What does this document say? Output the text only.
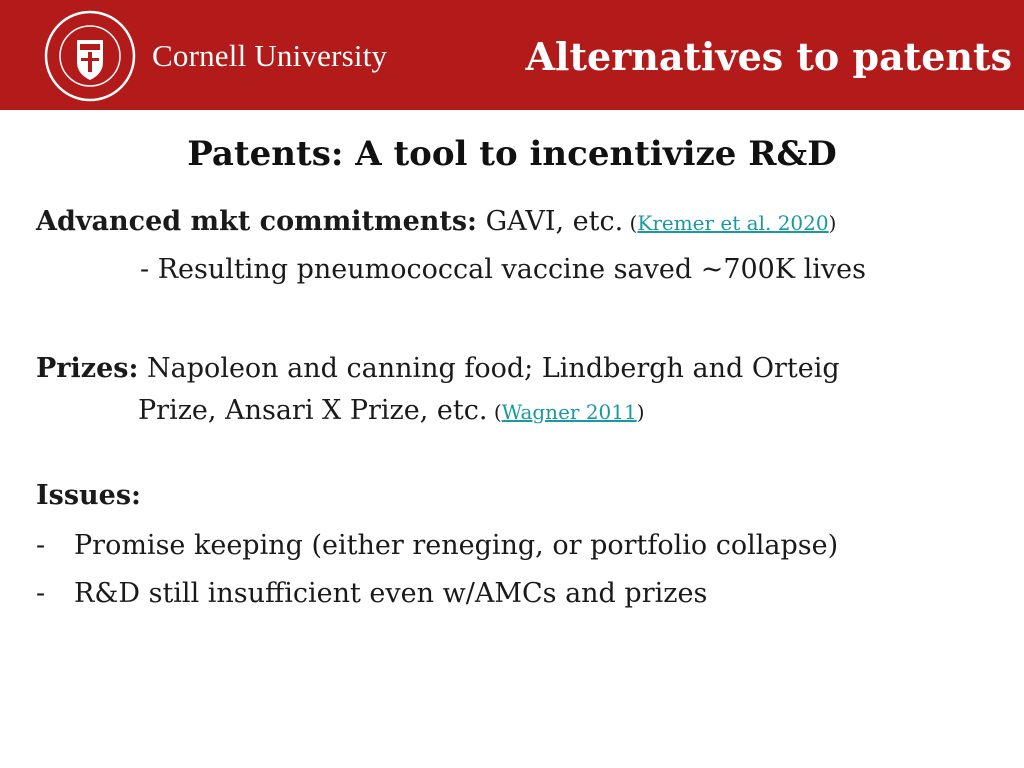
Cornell University	Alternatives to patents
Patents: A tool to incentivize R&D
Advanced mkt commitments: GAVI, etc. (Kremer et al. 2020)
- Resulting pneumococcal vaccine saved ~700K lives
Prizes: Napoleon and canning food; Lindbergh and Orteig
Prize, Ansari X Prize, etc. (Wagner 2011)
Issues:
- Promise keeping (either reneging, or portfolio collapse)
- R&D still insufficient even w/AMCs and prizes
